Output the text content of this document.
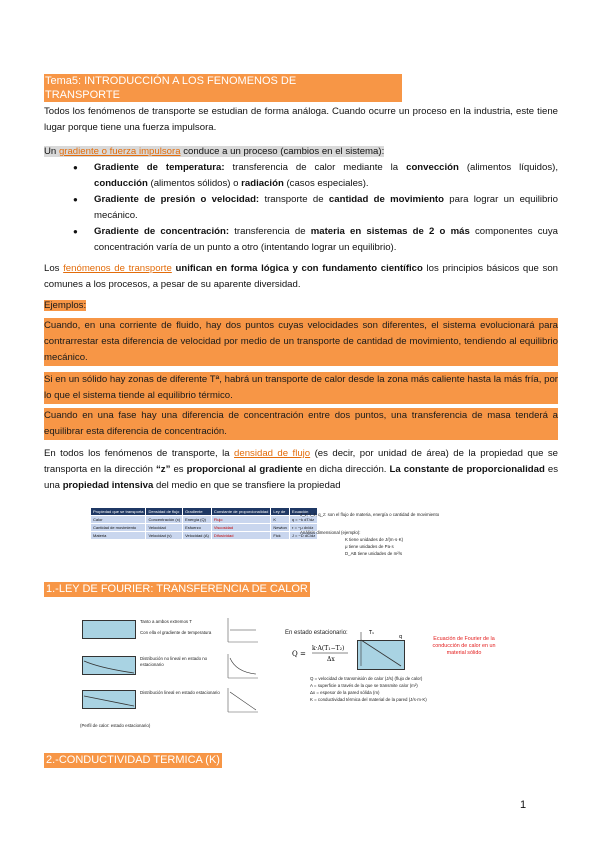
Tema5: INTRODUCCIÓN A LOS FENOMENOS DE
TRANSPORTE
Todos los fenómenos de transporte se estudian de forma análoga. Cuando ocurre un proceso en la industria, este tiene lugar porque tiene una fuerza impulsora.
Un gradiente o fuerza impulsora conduce a un proceso (cambios en el sistema):
● Gradiente de temperatura: transferencia de calor mediante la convección (alimentos líquidos), conducción (alimentos sólidos) o radiación (casos especiales).
● Gradiente de presión o velocidad: transporte de cantidad de movimiento para lograr un equilibrio mecánico.
● Gradiente de concentración: transferencia de materia en sistemas de 2 o más componentes cuya concentración varía de un punto a otro (intentando lograr un equilibrio).
Los fenómenos de transporte unifican en forma lógica y con fundamento científico los principios básicos que son comunes a los procesos, a pesar de su aparente diversidad.
Ejemplos:
Cuando, en una corriente de fluido, hay dos puntos cuyas velocidades son diferentes, el sistema evolucionará para contrarrestar esta diferencia de velocidad por medio de un transporte de cantidad de movimiento, tendiendo al equilibrio mecánico.
Si en un sólido hay zonas de diferente Tª, habrá un transporte de calor desde la zona más caliente hasta la más fría, por lo que el sistema tiende al equilibrio térmico.
Cuando en una fase hay una diferencia de concentración entre dos puntos, una transferencia de masa tenderá a equilibrar esta diferencia de concentración.
En todos los fenómenos de transporte, la densidad de flujo (es decir, por unidad de área) de la propiedad que se transporta en la dirección “z” es proporcional al gradiente en dicha dirección. La constante de proporcionalidad es una propiedad intensiva del medio en que se transfiere la propiedad
Propiedad que se transporta	Densidad de flujo	Gradiente	Constante de proporcionalidad	Ley de	Ecuación
Calor	Concentración (x)	Energía (Q)	Flujo	K	q = −k dT/dz
Cantidad de movimiento	Velocidad	Esfuerzo	Viscosidad	Newton	τ = −μ dv/dz
Materia	Velocidad (v)	Velocidad (A)	Difusividad	Fick	J = −D dC/dz
J_z, τ_z, q_z: son el flujo de materia, energía o cantidad de movimiento
Análisis dimensional (ejemplo):
K tiene unidades de J/(m·s·K)
μ tiene unidades de Pa·s
D_AB tiene unidades de m²/s
1.-LEY DE FOURIER: TRANSFERENCIA DE CALOR
Tanto a ambos extremos T
Con ella el gradiente de temperatura
Distribución no lineal en estado no estacionario
Distribución lineal en estado estacionario
(Perfil de calor: estado estacionario)
En estado estacionario:
Q =
k·A(T₁−T₂)
Δx
T₁
q	Ecuación de Fourier de la conducción de calor en un material sólido
Q = velocidad de transmisión de calor (J/s) (flujo de calor)
A = superficie a través de la que se transmite calor (m²)
Δx = espesor de la pared sólida (m)
K = conductividad térmica del material de la pared (J/s·m·K)
2.-CONDUCTIVIDAD TERMICA (K)
1
